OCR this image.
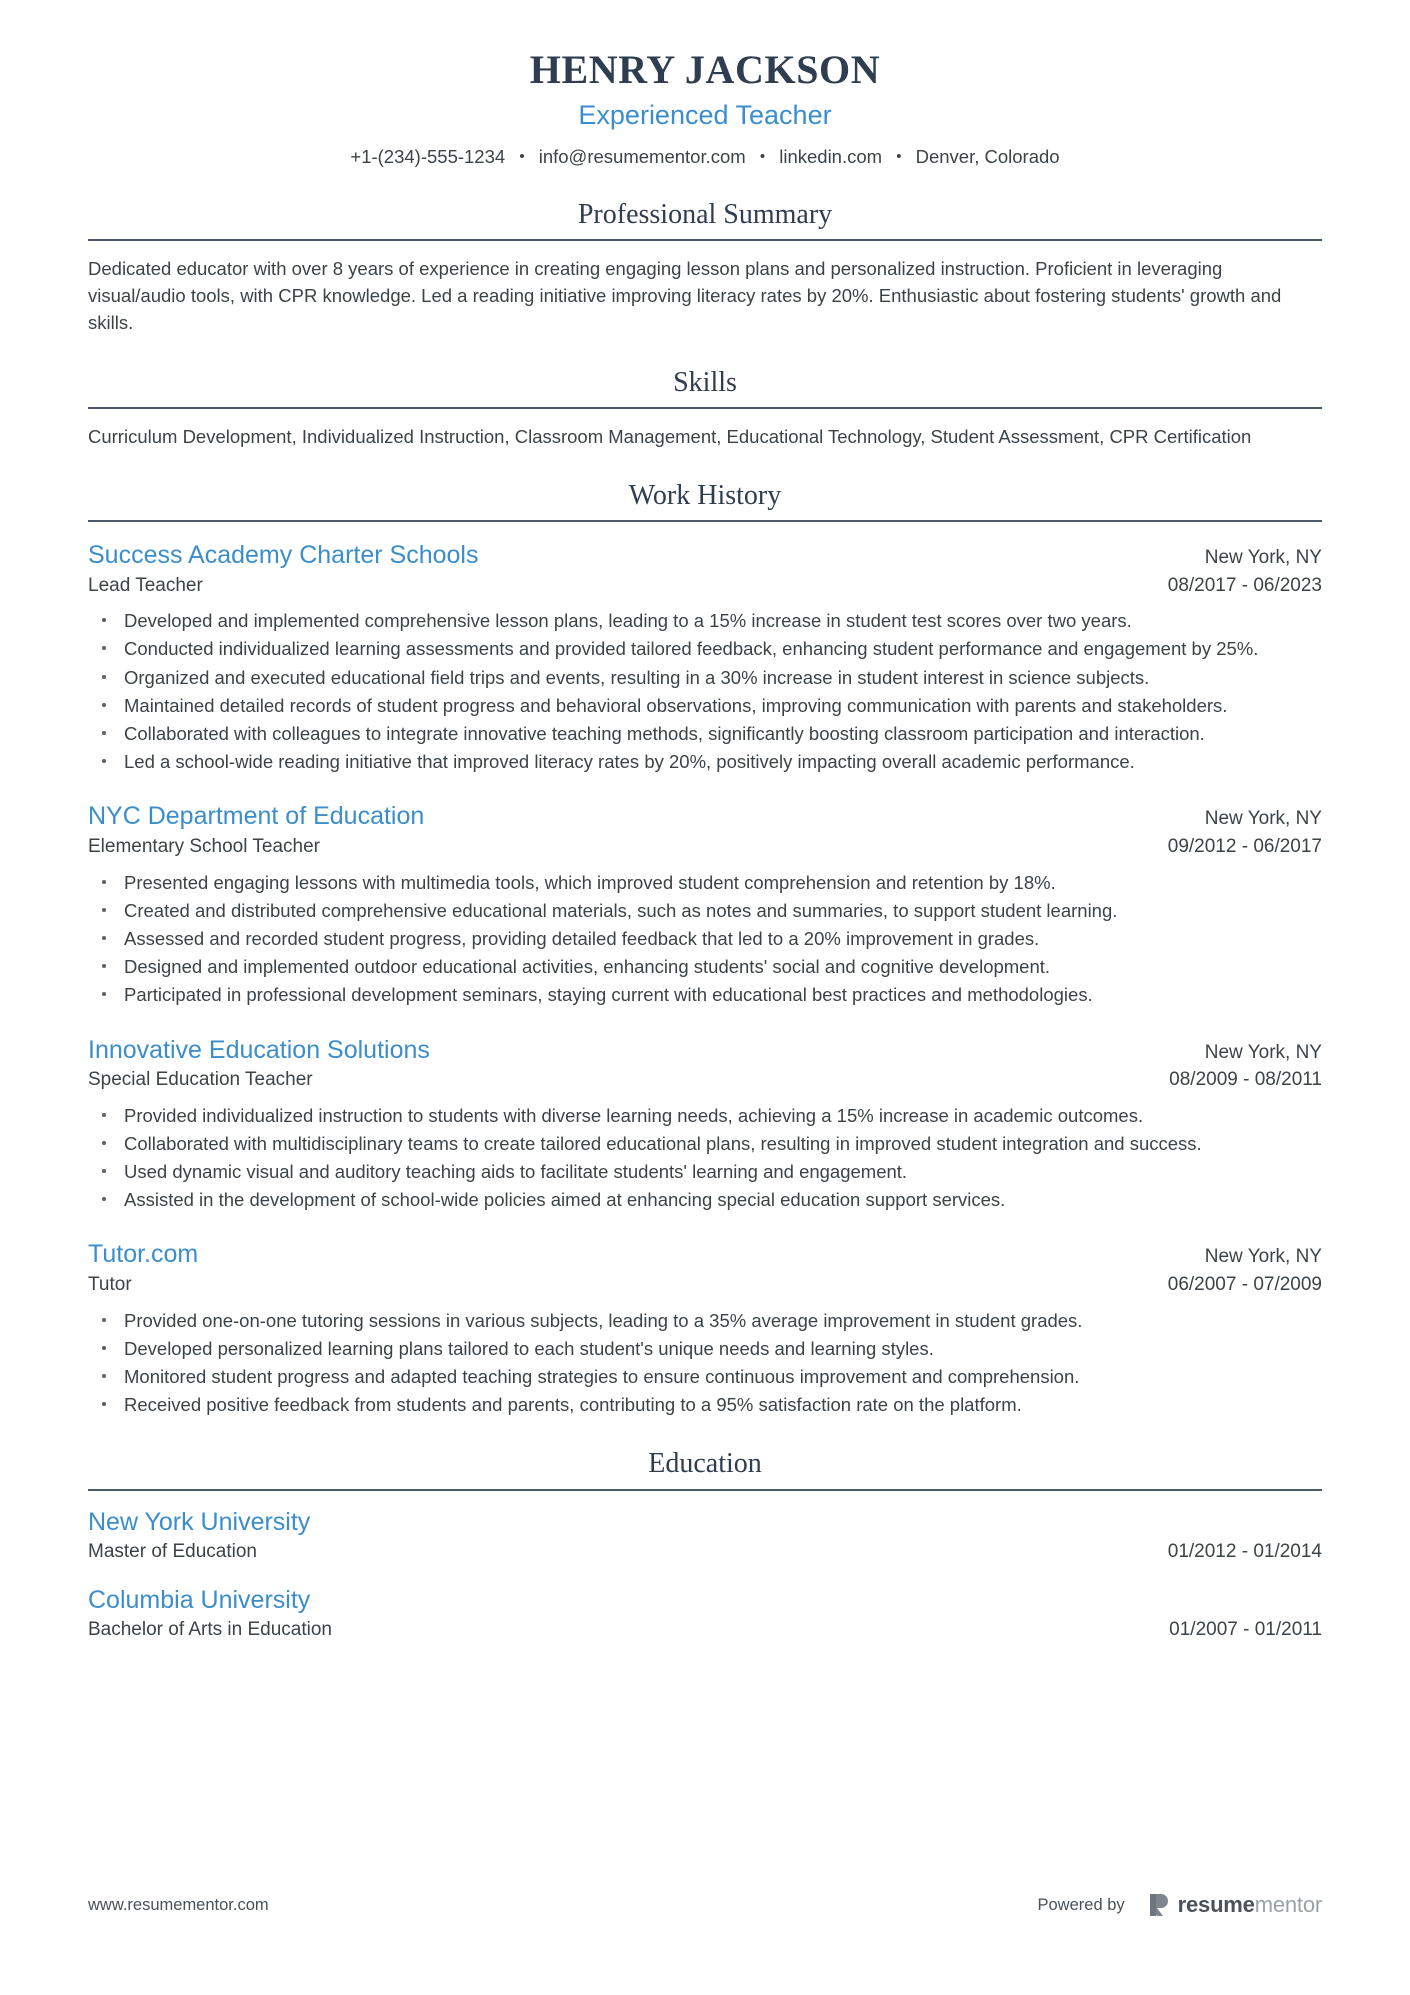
HENRY JACKSON
Experienced Teacher
+1-(234)-555-1234 • info@resumementor.com • linkedin.com • Denver, Colorado
Professional Summary

Dedicated educator with over 8 years of experience in creating engaging lesson plans and personalized instruction. Proficient in leveraging visual/audio tools, with CPR knowledge. Led a reading initiative improving literacy rates by 20%. Enthusiastic about fostering students' growth and skills.

Skills

Curriculum Development, Individualized Instruction, Classroom Management, Educational Technology, Student Assessment, CPR Certification

Work History
Success Academy Charter Schools	New York, NY
Lead Teacher	08/2017 - 06/2023
Developed and implemented comprehensive lesson plans, leading to a 15% increase in student test scores over two years.
Conducted individualized learning assessments and provided tailored feedback, enhancing student performance and engagement by 25%.
Organized and executed educational field trips and events, resulting in a 30% increase in student interest in science subjects.
Maintained detailed records of student progress and behavioral observations, improving communication with parents and stakeholders.
Collaborated with colleagues to integrate innovative teaching methods, significantly boosting classroom participation and interaction.
Led a school-wide reading initiative that improved literacy rates by 20%, positively impacting overall academic performance.
NYC Department of Education	New York, NY
Elementary School Teacher	09/2012 - 06/2017
Presented engaging lessons with multimedia tools, which improved student comprehension and retention by 18%.
Created and distributed comprehensive educational materials, such as notes and summaries, to support student learning.
Assessed and recorded student progress, providing detailed feedback that led to a 20% improvement in grades.
Designed and implemented outdoor educational activities, enhancing students' social and cognitive development.
Participated in professional development seminars, staying current with educational best practices and methodologies.
Innovative Education Solutions	New York, NY
Special Education Teacher	08/2009 - 08/2011
Provided individualized instruction to students with diverse learning needs, achieving a 15% increase in academic outcomes.
Collaborated with multidisciplinary teams to create tailored educational plans, resulting in improved student integration and success.
Used dynamic visual and auditory teaching aids to facilitate students' learning and engagement.
Assisted in the development of school-wide policies aimed at enhancing special education support services.
Tutor.com	New York, NY
Tutor	06/2007 - 07/2009
Provided one-on-one tutoring sessions in various subjects, leading to a 35% average improvement in student grades.
Developed personalized learning plans tailored to each student's unique needs and learning styles.
Monitored student progress and adapted teaching strategies to ensure continuous improvement and comprehension.
Received positive feedback from students and parents, contributing to a 95% satisfaction rate on the platform.
Education
New York University
Master of Education	01/2012 - 01/2014
Columbia University
Bachelor of Arts in Education	01/2007 - 01/2011
www.resumementor.com	Powered by resumementor
